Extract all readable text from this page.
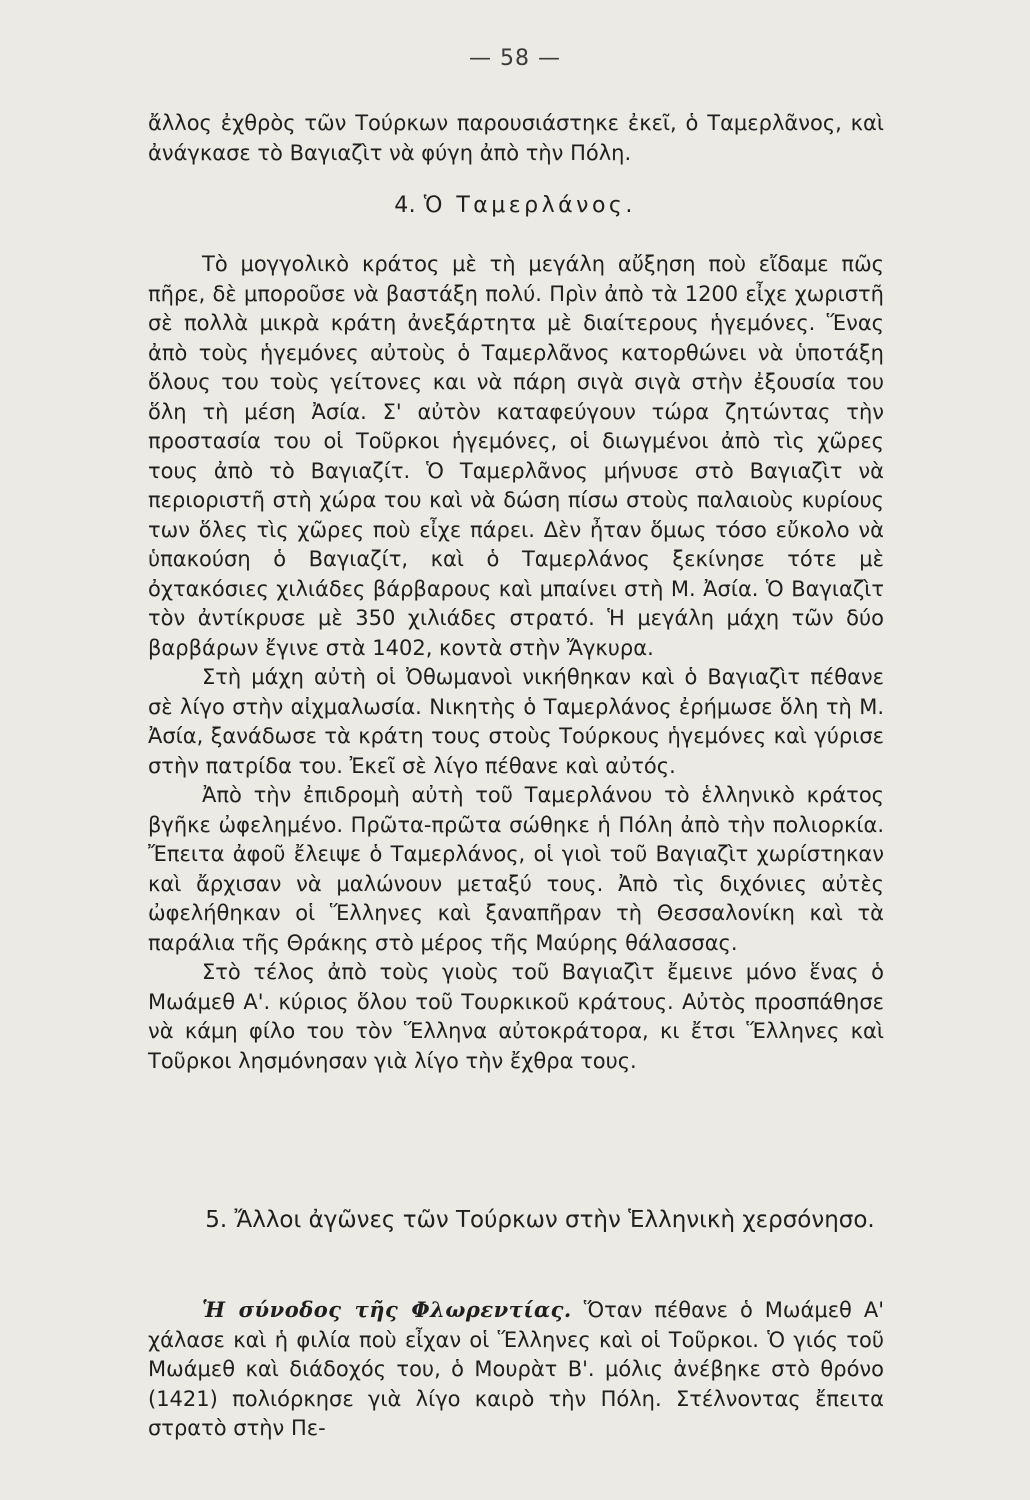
— 58 —

ἄλλος ἐχθρὸς τῶν Τούρκων παρουσιάστηκε ἐκεῖ, ὁ Ταμερλᾶνος, καὶ ἀνάγκασε τὸ Βαγιαζὶτ νὰ φύγη ἀπὸ τὴν Πόλη.

4. Ὁ Ταμερλάνος.

Τὸ μογγολικὸ κράτος μὲ τὴ μεγάλη αὔξηση ποὺ εἴδαμε πῶς πῆρε, δὲ μποροῦσε νὰ βαστάξη πολύ. Πρὶν ἀπὸ τὰ 1200 εἶχε χωριστῆ σὲ πολλὰ μικρὰ κράτη ἀνεξάρτητα μὲ διαίτερους ἡγεμόνες. Ἕνας ἀπὸ τοὺς ἡγεμόνες αὐτοὺς ὁ Ταμερλᾶνος κατορθώνει νὰ ὑποτάξη ὅλους του τοὺς γείτονες και νὰ πάρη σιγὰ σιγὰ στὴν ἐξουσία του ὅλη τὴ μέση Ἀσία. Σ' αὐτὸν καταφεύγουν τώρα ζητώντας τὴν προστασία του οἱ Τοῦρκοι ἡγεμόνες, οἱ διωγμένοι ἀπὸ τὶς χῶρες τους ἀπὸ τὸ Βαγιαζίτ. Ὁ Ταμερλᾶνος μήνυσε στὸ Βαγιαζὶτ νὰ περιοριστῆ στὴ χώρα του καὶ νὰ δώση πίσω στοὺς παλαιοὺς κυρίους των ὅλες τὶς χῶρες ποὺ εἶχε πάρει. Δὲν ἦταν ὅμως τόσο εὔκολο νὰ ὑπακούση ὁ Βαγιαζίτ, καὶ ὁ Ταμερλάνος ξεκίνησε τότε μὲ ὀχτακόσιες χιλιάδες βάρβαρους καὶ μπαίνει στὴ Μ. Ἀσία. Ὁ Βαγιαζὶτ τὸν ἀντίκρυσε μὲ 350 χιλιάδες στρατό. Ἡ μεγάλη μάχη τῶν δύο βαρβάρων ἔγινε στὰ 1402, κοντὰ στὴν Ἄγκυρα.

Στὴ μάχη αὐτὴ οἱ Ὀθωμανοὶ νικήθηκαν καὶ ὁ Βαγιαζὶτ πέθανε σὲ λίγο στὴν αἰχμαλωσία. Νικητὴς ὁ Ταμερλάνος ἐρήμωσε ὅλη τὴ Μ. Ἀσία, ξανάδωσε τὰ κράτη τους στοὺς Τούρκους ἡγεμόνες καὶ γύρισε στὴν πατρίδα του. Ἐκεῖ σὲ λίγο πέθανε καὶ αὐτός.

Ἀπὸ τὴν ἐπιδρομὴ αὐτὴ τοῦ Ταμερλάνου τὸ ἑλληνικὸ κράτος βγῆκε ὠφελημένο. Πρῶτα-πρῶτα σώθηκε ἡ Πόλη ἀπὸ τὴν πολιορκία. Ἔπειτα ἀφοῦ ἔλειψε ὁ Ταμερλάνος, οἱ γιοὶ τοῦ Βαγιαζὶτ χωρίστηκαν καὶ ἄρχισαν νὰ μαλώνουν μεταξύ τους. Ἀπὸ τὶς διχόνιες αὐτὲς ὠφελήθηκαν οἱ Ἕλληνες καὶ ξαναπῆραν τὴ Θεσσαλονίκη καὶ τὰ παράλια τῆς Θράκης στὸ μέρος τῆς Μαύρης θάλασσας.

Στὸ τέλος ἀπὸ τοὺς γιοὺς τοῦ Βαγιαζὶτ ἔμεινε μόνο ἕνας ὁ Μωάμεθ Α'. κύριος ὅλου τοῦ Τουρκικοῦ κράτους. Αὐτὸς προσπάθησε νὰ κάμη φίλο του τὸν Ἕλληνα αὐτοκράτορα, κι ἔτσι Ἕλληνες καὶ Τοῦρκοι λησμόνησαν γιὰ λίγο τὴν ἔχθρα τους.

5. Ἄλλοι ἀγῶνες τῶν Τούρκων στὴν Ἑλληνικὴ χερσόνησο.

Ἡ σύνοδος τῆς Φλωρεντίας. Ὅταν πέθανε ὁ Μωάμεθ Α' χάλασε καὶ ἡ φιλία ποὺ εἶχαν οἱ Ἕλληνες καὶ οἱ Τοῦρκοι. Ὁ γιός τοῦ Μωάμεθ καὶ διάδοχός του, ὁ Μουρὰτ Β'. μόλις ἀνέβηκε στὸ θρόνο (1421) πολιόρκησε γιὰ λίγο καιρὸ τὴν Πόλη. Στέλνοντας ἔπειτα στρατὸ στὴν Πε-
